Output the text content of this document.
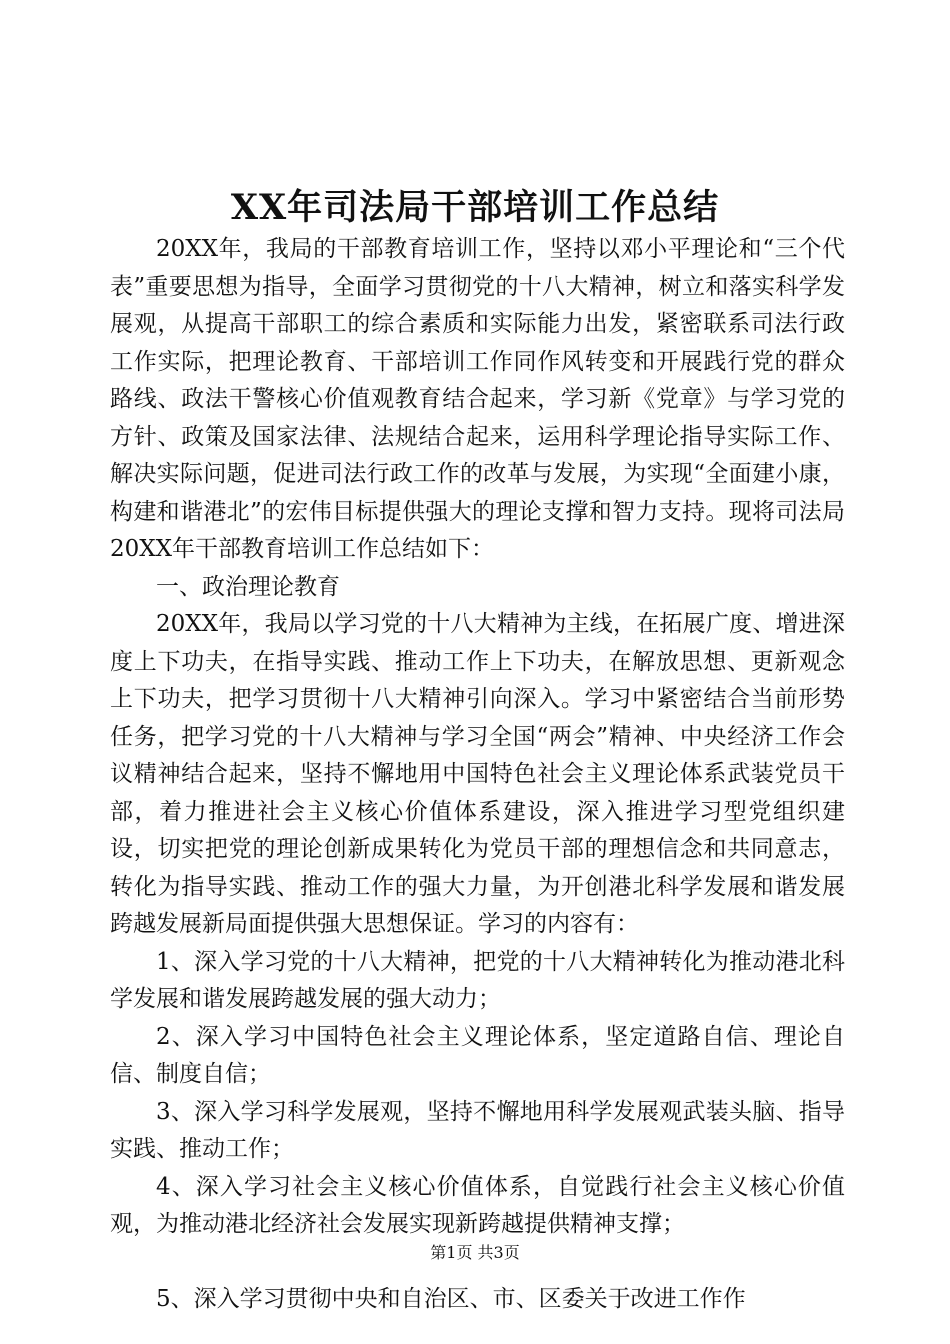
XX年司法局干部培训工作总结

20XX年，我局的干部教育培训工作，坚持以邓小平理论和“三个代表”重要思想为指导，全面学习贯彻党的十八大精神，树立和落实科学发展观，从提高干部职工的综合素质和实际能力出发，紧密联系司法行政工作实际，把理论教育、干部培训工作同作风转变和开展践行党的群众路线、政法干警核心价值观教育结合起来，学习新《党章》与学习党的方针、政策及国家法律、法规结合起来，运用科学理论指导实际工作、解决实际问题，促进司法行政工作的改革与发展，为实现“全面建小康，构建和谐港北”的宏伟目标提供强大的理论支撑和智力支持。现将司法局20XX年干部教育培训工作总结如下：

一、政治理论教育

20XX年，我局以学习党的十八大精神为主线，在拓展广度、增进深度上下功夫，在指导实践、推动工作上下功夫，在解放思想、更新观念上下功夫，把学习贯彻十八大精神引向深入。学习中紧密结合当前形势任务，把学习党的十八大精神与学习全国“两会”精神、中央经济工作会议精神结合起来，坚持不懈地用中国特色社会主义理论体系武装党员干部，着力推进社会主义核心价值体系建设，深入推进学习型党组织建设，切实把党的理论创新成果转化为党员干部的理想信念和共同意志，转化为指导实践、推动工作的强大力量，为开创港北科学发展和谐发展跨越发展新局面提供强大思想保证。学习的内容有：

1、深入学习党的十八大精神，把党的十八大精神转化为推动港北科学发展和谐发展跨越发展的强大动力；

2、深入学习中国特色社会主义理论体系，坚定道路自信、理论自信、制度自信；

3、深入学习科学发展观，坚持不懈地用科学发展观武装头脑、指导实践、推动工作；

4、深入学习社会主义核心价值体系，自觉践行社会主义核心价值观，为推动港北经济社会发展实现新跨越提供精神支撑；

5、深入学习贯彻中央和自治区、市、区委关于改进工作作

第1页 共3页
